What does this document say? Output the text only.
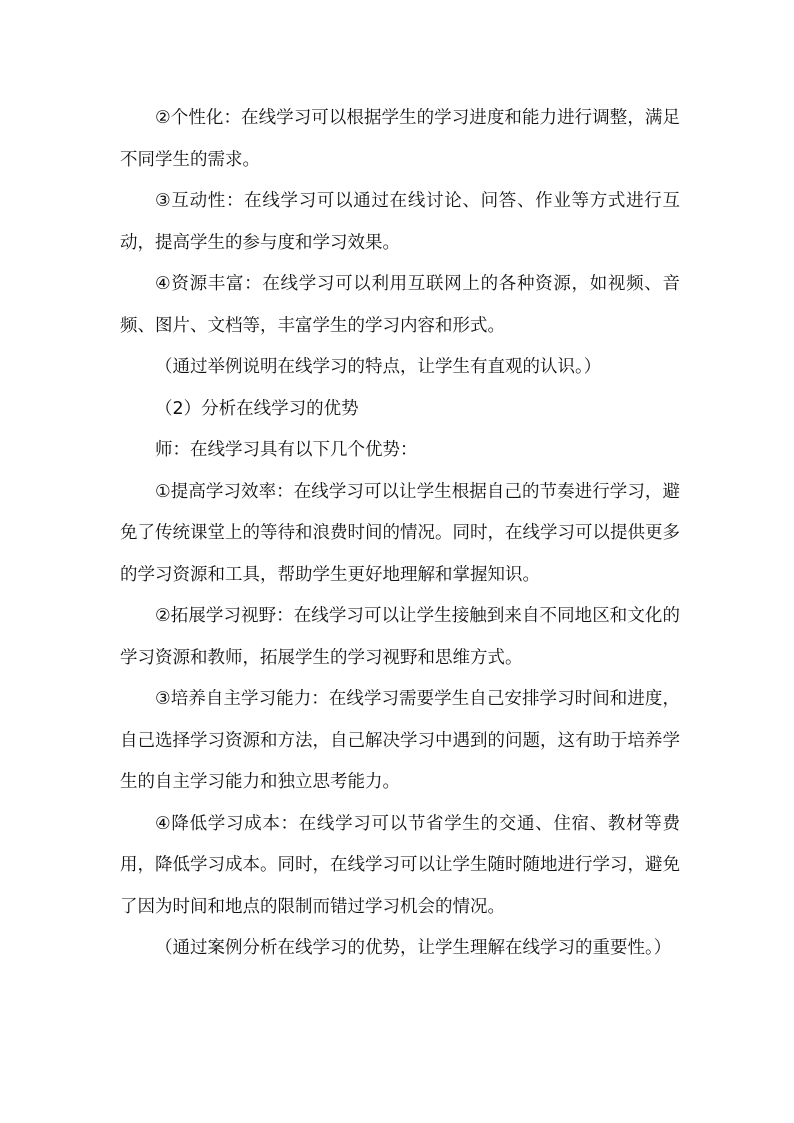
②个性化：在线学习可以根据学生的学习进度和能力进行调整，满足不同学生的需求。

③互动性：在线学习可以通过在线讨论、问答、作业等方式进行互动，提高学生的参与度和学习效果。

④资源丰富：在线学习可以利用互联网上的各种资源，如视频、音频、图片、文档等，丰富学生的学习内容和形式。

（通过举例说明在线学习的特点，让学生有直观的认识。）

（2）分析在线学习的优势

师：在线学习具有以下几个优势：

①提高学习效率：在线学习可以让学生根据自己的节奏进行学习，避免了传统课堂上的等待和浪费时间的情况。同时，在线学习可以提供更多的学习资源和工具，帮助学生更好地理解和掌握知识。

②拓展学习视野：在线学习可以让学生接触到来自不同地区和文化的学习资源和教师，拓展学生的学习视野和思维方式。

③培养自主学习能力：在线学习需要学生自己安排学习时间和进度，自己选择学习资源和方法，自己解决学习中遇到的问题，这有助于培养学生的自主学习能力和独立思考能力。

④降低学习成本：在线学习可以节省学生的交通、住宿、教材等费用，降低学习成本。同时，在线学习可以让学生随时随地进行学习，避免了因为时间和地点的限制而错过学习机会的情况。

（通过案例分析在线学习的优势，让学生理解在线学习的重要性。）
